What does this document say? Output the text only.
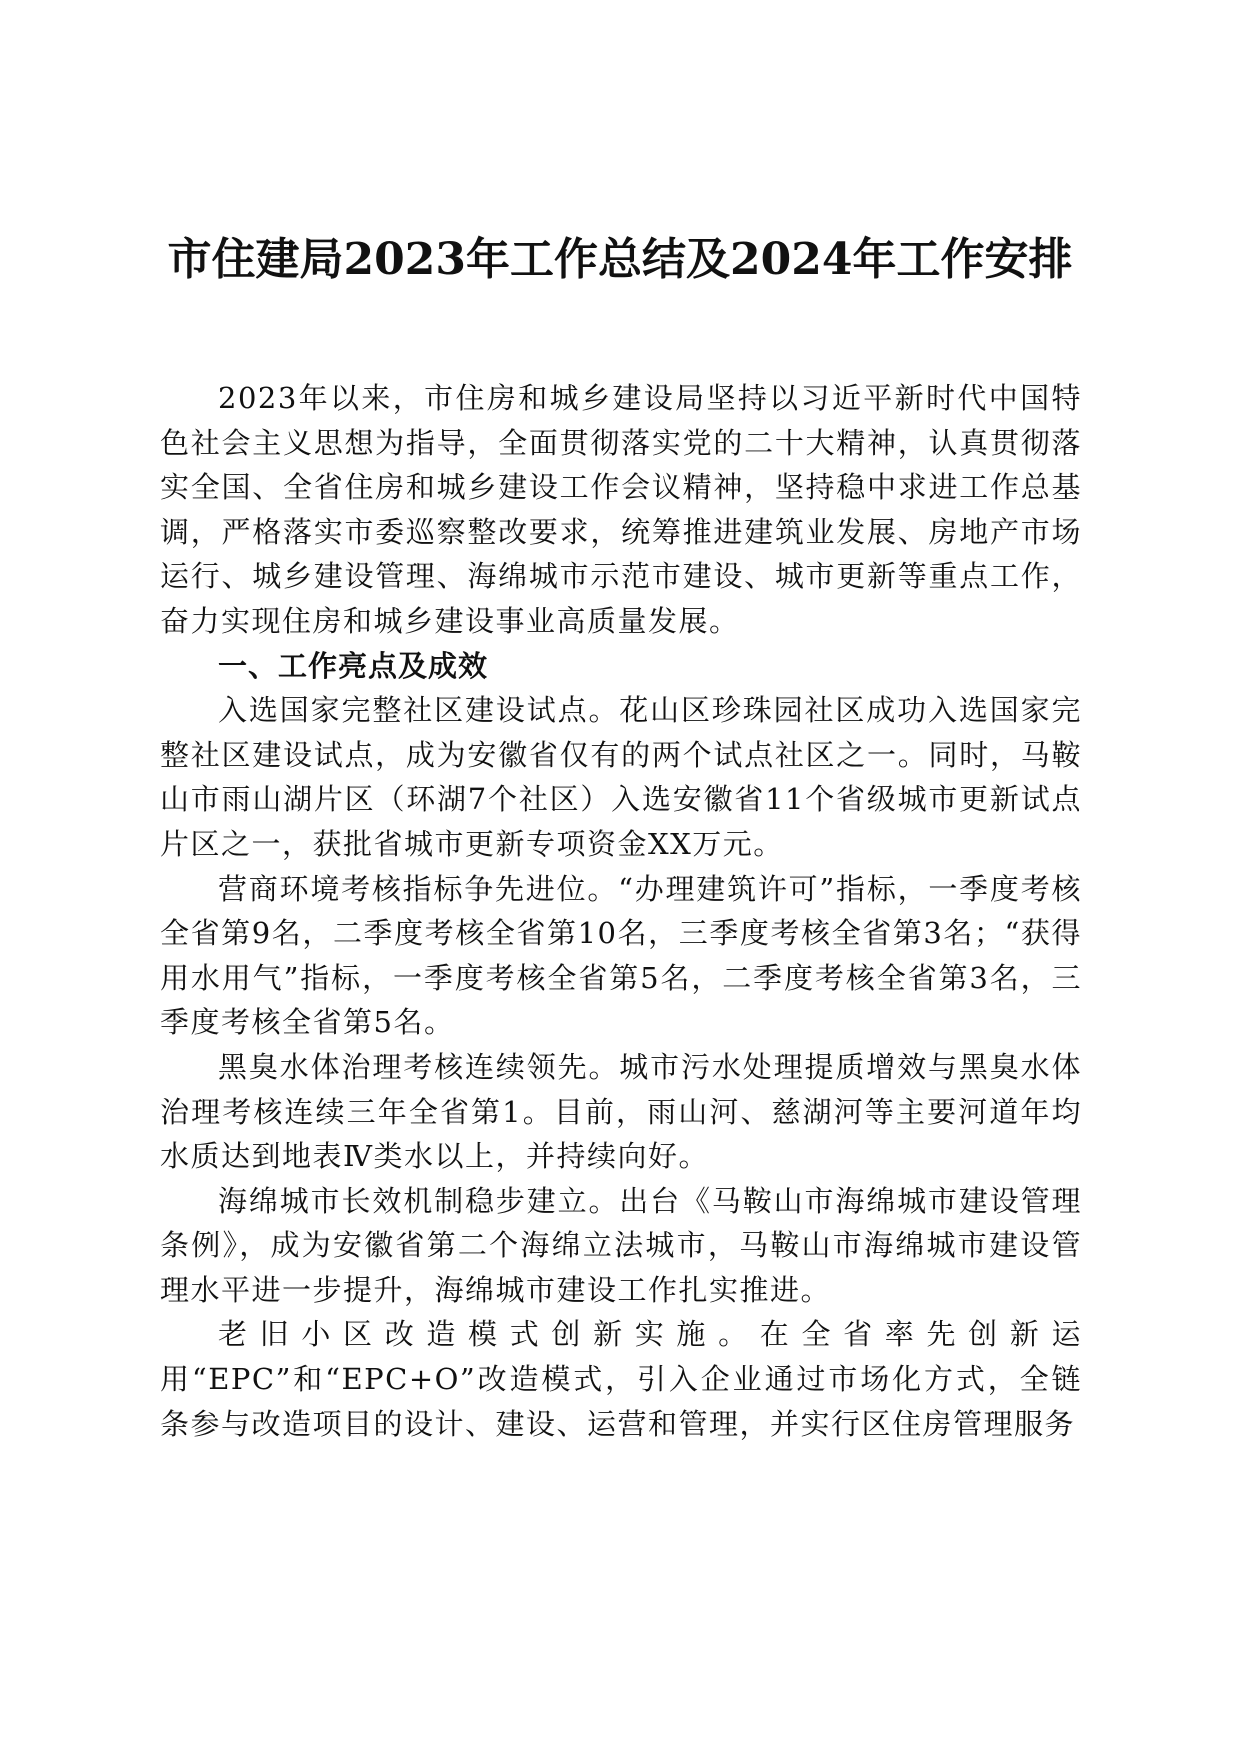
市住建局2023年工作总结及2024年工作安排

2023年以来，市住房和城乡建设局坚持以习近平新时代中国特色社会主义思想为指导，全面贯彻落实党的二十大精神，认真贯彻落实全国、全省住房和城乡建设工作会议精神，坚持稳中求进工作总基调，严格落实市委巡察整改要求，统筹推进建筑业发展、房地产市场运行、城乡建设管理、海绵城市示范市建设、城市更新等重点工作，奋力实现住房和城乡建设事业高质量发展。

一、工作亮点及成效

入选国家完整社区建设试点。花山区珍珠园社区成功入选国家完整社区建设试点，成为安徽省仅有的两个试点社区之一。同时，马鞍山市雨山湖片区（环湖7个社区）入选安徽省11个省级城市更新试点片区之一，获批省城市更新专项资金XX万元。

营商环境考核指标争先进位。“办理建筑许可”指标，一季度考核全省第9名，二季度考核全省第10名，三季度考核全省第3名；“获得用水用气”指标，一季度考核全省第5名，二季度考核全省第3名，三季度考核全省第5名。

黑臭水体治理考核连续领先。城市污水处理提质增效与黑臭水体治理考核连续三年全省第1。目前，雨山河、慈湖河等主要河道年均水质达到地表Ⅳ类水以上，并持续向好。

海绵城市长效机制稳步建立。出台《马鞍山市海绵城市建设管理条例》，成为安徽省第二个海绵立法城市，马鞍山市海绵城市建设管理水平进一步提升，海绵城市建设工作扎实推进。

老旧小区改造模式创新实施。在全省率先创新运用“EPC”和“EPC+O”改造模式，引入企业通过市场化方式，全链条参与改造项目的设计、建设、运营和管理，并实行区住房管理服务
